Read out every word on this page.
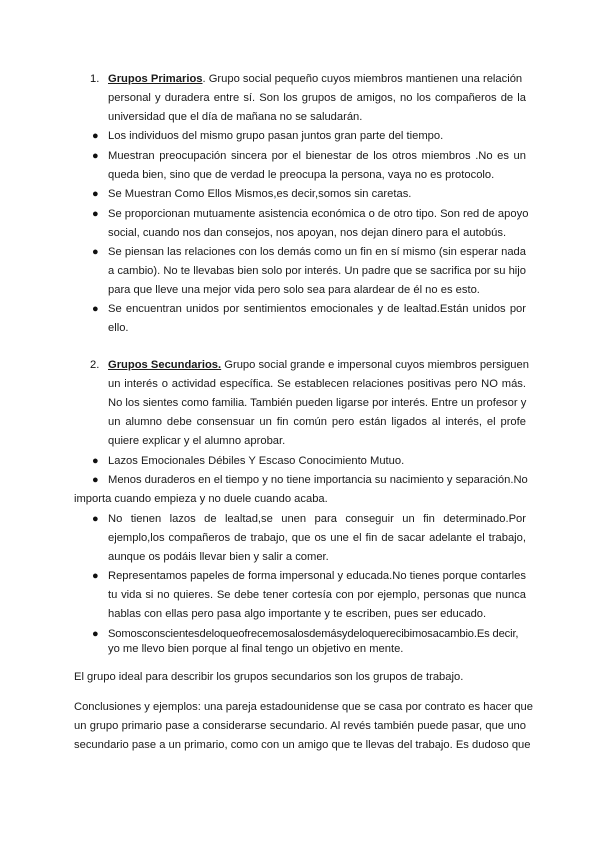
1. Grupos Primarios. Grupo social pequeño cuyos miembros mantienen una relación
personal y duradera entre sí. Son los grupos de amigos, no los compañeros de la
universidad que el día de mañana no se saludarán.
● Los individuos del mismo grupo pasan juntos gran parte del tiempo.
● Muestran preocupación sincera por el bienestar de los otros miembros .No es un
queda bien, sino que de verdad le preocupa la persona, vaya no es protocolo.
● Se Muestran Como Ellos Mismos,es decir,somos sin caretas.
● Se proporcionan mutuamente asistencia económica o de otro tipo. Son red de apoyo
social, cuando nos dan consejos, nos apoyan, nos dejan dinero para el autobús.
● Se piensan las relaciones con los demás como un fin en sí mismo (sin esperar nada
a cambio). No te llevabas bien solo por interés. Un padre que se sacrifica por su hijo
para que lleve una mejor vida pero solo sea para alardear de él no es esto.
● Se encuentran unidos por sentimientos emocionales y de lealtad.Están unidos por
ello.
2. Grupos Secundarios. Grupo social grande e impersonal cuyos miembros persiguen
un interés o actividad específica. Se establecen relaciones positivas pero NO más.
No los sientes como familia. También pueden ligarse por interés. Entre un profesor y
un alumno debe consensuar un fin común pero están ligados al interés, el profe
quiere explicar y el alumno aprobar.
● Lazos Emocionales Débiles Y Escaso Conocimiento Mutuo.
● Menos duraderos en el tiempo y no tiene importancia su nacimiento y separación.No
importa cuando empieza y no duele cuando acaba.
● No tienen lazos de lealtad,se unen para conseguir un fin determinado.Por
ejemplo,los compañeros de trabajo, que os une el fin de sacar adelante el trabajo,
aunque os podáis llevar bien y salir a comer.
● Representamos papeles de forma impersonal y educada.No tienes porque contarles
tu vida si no quieres. Se debe tener cortesía con por ejemplo, personas que nunca
hablas con ellas pero pasa algo importante y te escriben, pues ser educado.
● Somosconscientesdeloqueofrecemosalosdemásydeloquerecibimosacambio.Es decir,
yo me llevo bien porque al final tengo un objetivo en mente.
El grupo ideal para describir los grupos secundarios son los grupos de trabajo.
Conclusiones y ejemplos: una pareja estadounidense que se casa por contrato es hacer que
un grupo primario pase a considerarse secundario. Al revés también puede pasar, que uno
secundario pase a un primario, como con un amigo que te llevas del trabajo. Es dudoso que
